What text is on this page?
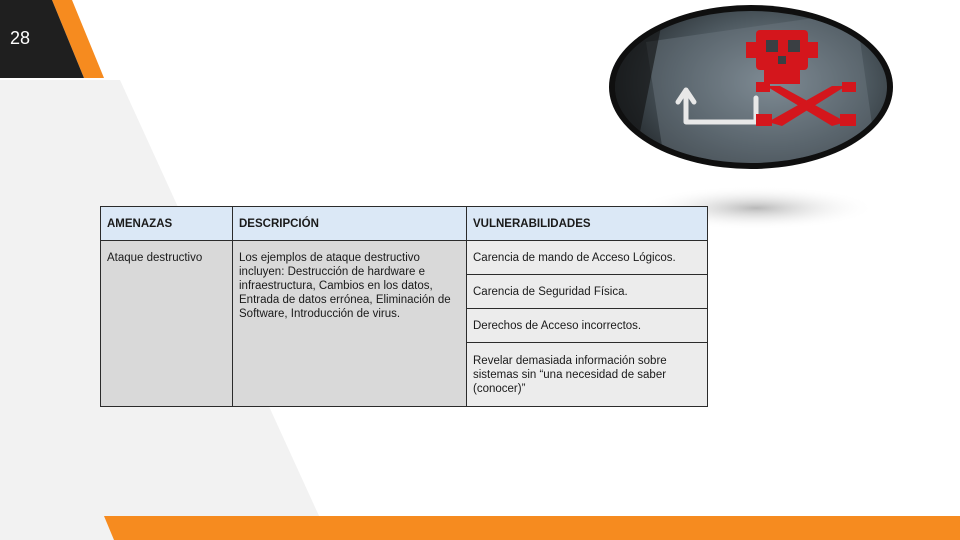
28
AMENAZAS	DESCRIPCIÓN	VULNERABILIDADES
Ataque destructivo	Los ejemplos de ataque destructivo incluyen: Destrucción de hardware e infraestructura, Cambios en los datos, Entrada de datos errónea, Eliminación de Software, Introducción de virus.	Carencia de mando de Acceso Lógicos.
		Carencia de Seguridad Física.
		Derechos de Acceso incorrectos.
		Revelar demasiada información sobre sistemas sin “una necesidad de saber (conocer)”
